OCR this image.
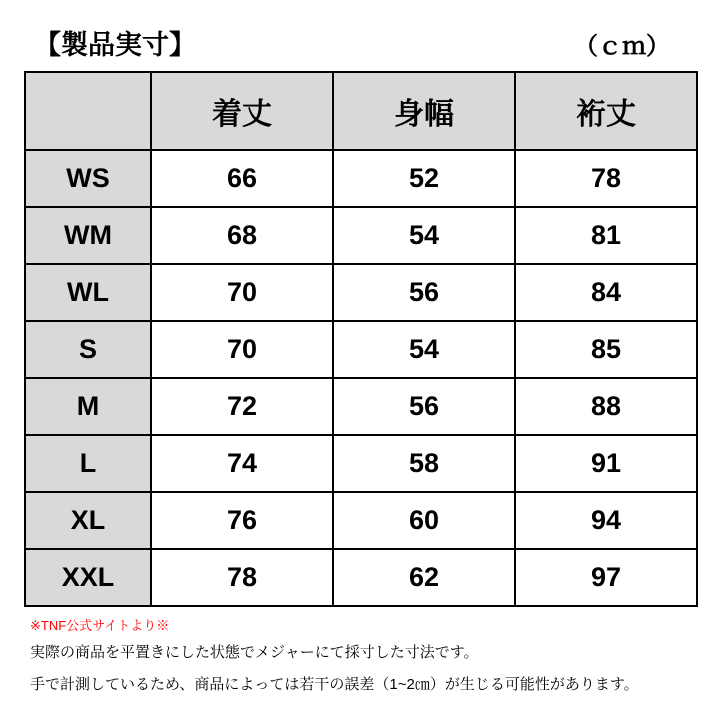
【製品実寸】	（ｃｍ）
	着丈	身幅	裄丈
WS	66	52	78
WM	68	54	81
WL	70	56	84
S	70	54	85
M	72	56	88
L	74	58	91
XL	76	60	94
XXL	78	62	97
※TNF公式サイトより※
実際の商品を平置きにした状態でメジャーにて採寸した寸法です。
手で計測しているため、商品によっては若干の誤差（1~2㎝）が生じる可能性があります。
